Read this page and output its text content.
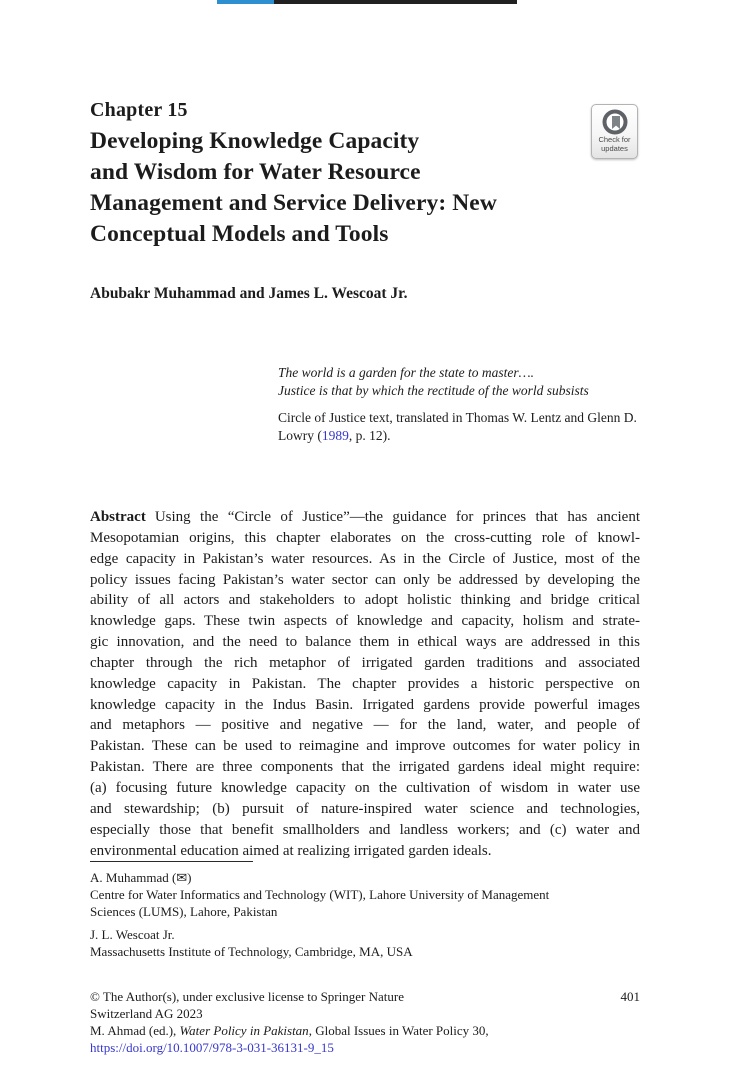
Chapter 15
Developing Knowledge Capacity
and Wisdom for Water Resource
Management and Service Delivery: New
Conceptual Models and Tools
Check for
updates
Abubakr Muhammad and James L. Wescoat Jr.
The world is a garden for the state to master….
Justice is that by which the rectitude of the world subsists
Circle of Justice text, translated in Thomas W. Lentz and Glenn D. Lowry (1989, p. 12).
Abstract Using the “Circle of Justice”—the guidance for princes that has ancient
Mesopotamian origins, this chapter elaborates on the cross-cutting role of knowl-
edge capacity in Pakistan’s water resources. As in the Circle of Justice, most of the
policy issues facing Pakistan’s water sector can only be addressed by developing the
ability of all actors and stakeholders to adopt holistic thinking and bridge critical
knowledge gaps. These twin aspects of knowledge and capacity, holism and strate-
gic innovation, and the need to balance them in ethical ways are addressed in this
chapter through the rich metaphor of irrigated garden traditions and associated
knowledge capacity in Pakistan. The chapter provides a historic perspective on
knowledge capacity in the Indus Basin. Irrigated gardens provide powerful images
and metaphors — positive and negative — for the land, water, and people of
Pakistan. These can be used to reimagine and improve outcomes for water policy in
Pakistan. There are three components that the irrigated gardens ideal might require:
(a) focusing future knowledge capacity on the cultivation of wisdom in water use
and stewardship; (b) pursuit of nature-inspired water science and technologies,
especially those that benefit smallholders and landless workers; and (c) water and
environmental education aimed at realizing irrigated garden ideals.
A. Muhammad (✉)
Centre for Water Informatics and Technology (WIT), Lahore University of Management
Sciences (LUMS), Lahore, Pakistan
J. L. Wescoat Jr.
Massachusetts Institute of Technology, Cambridge, MA, USA
© The Author(s), under exclusive license to Springer Nature	401
Switzerland AG 2023
M. Ahmad (ed.), Water Policy in Pakistan, Global Issues in Water Policy 30,
https://doi.org/10.1007/978-3-031-36131-9_15
